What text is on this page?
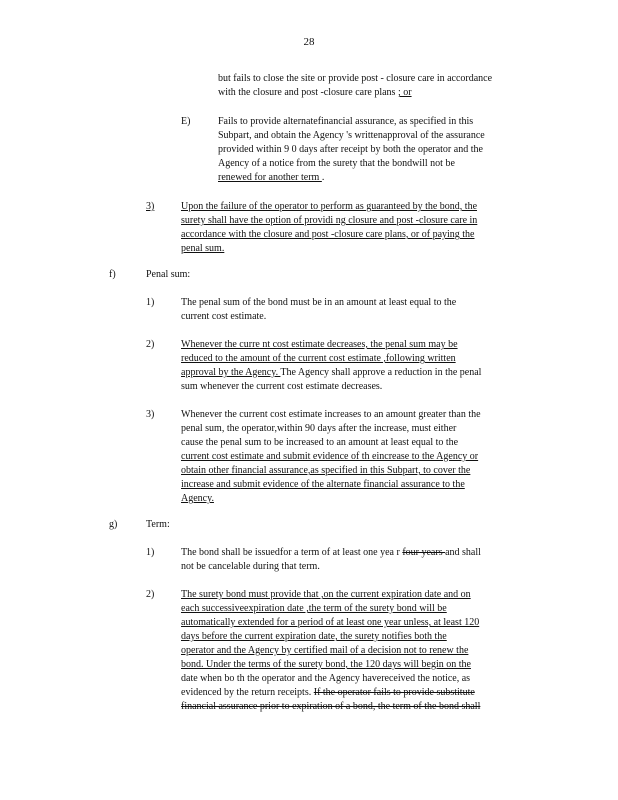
28

but fails to close the site or provide post - closure care in accordance

with the closure and post -closure care plans ; or

E)	Fails to provide alternatefinancial assurance, as specified in this

Subpart, and obtain the Agency 's writtenapproval of the assurance

provided within 9 0 days after receipt by both the operator and the

Agency of a notice from the surety that the bondwill not be

renewed for another term .

3)	Upon the failure of the operator to perform as guaranteed by the bond, the

surety shall have the option of providi ng closure and post -closure care in

accordance with the closure and post -closure care plans, or of paying the

penal sum.

f)	Penal sum:

1)	The penal sum of the bond must be in an amount at least equal to the

current cost estimate.

2)	Whenever the curre nt cost estimate decreases, the penal sum may be

reduced to the amount of the current cost estimate ,following written

approval by the Agency. The Agency shall approve a reduction in the penal

sum whenever the current cost estimate decreases.

3)	Whenever the current cost estimate increases to an amount greater than the

penal sum, the operator,within 90 days after the increase, must either

cause the penal sum to be increased to an amount at least equal to the

current cost estimate and submit evidence of th eincrease to the Agency or

obtain other financial assurance,as specified in this Subpart, to cover the

increase and submit evidence of the alternate financial assurance to the

Agency.

g)	Term:

1)	The bond shall be issuedfor a term of at least one yea r four years and shall

not be cancelable during that term.

2)	The surety bond must provide that ,on the current expiration date and on

each successiveexpiration date ,the term of the surety bond will be

automatically extended for a period of at least one year unless, at least 120

days before the current expiration date, the surety notifies both the

operator and the Agency by certified mail of a decision not to renew the

bond. Under the terms of the surety bond, the 120 days will begin on the

date when bo th the operator and the Agency havereceived the notice, as

evidenced by the return receipts. If the operator fails to provide substitute

financial assurance prior to expiration of a bond, the term of the bond shall
